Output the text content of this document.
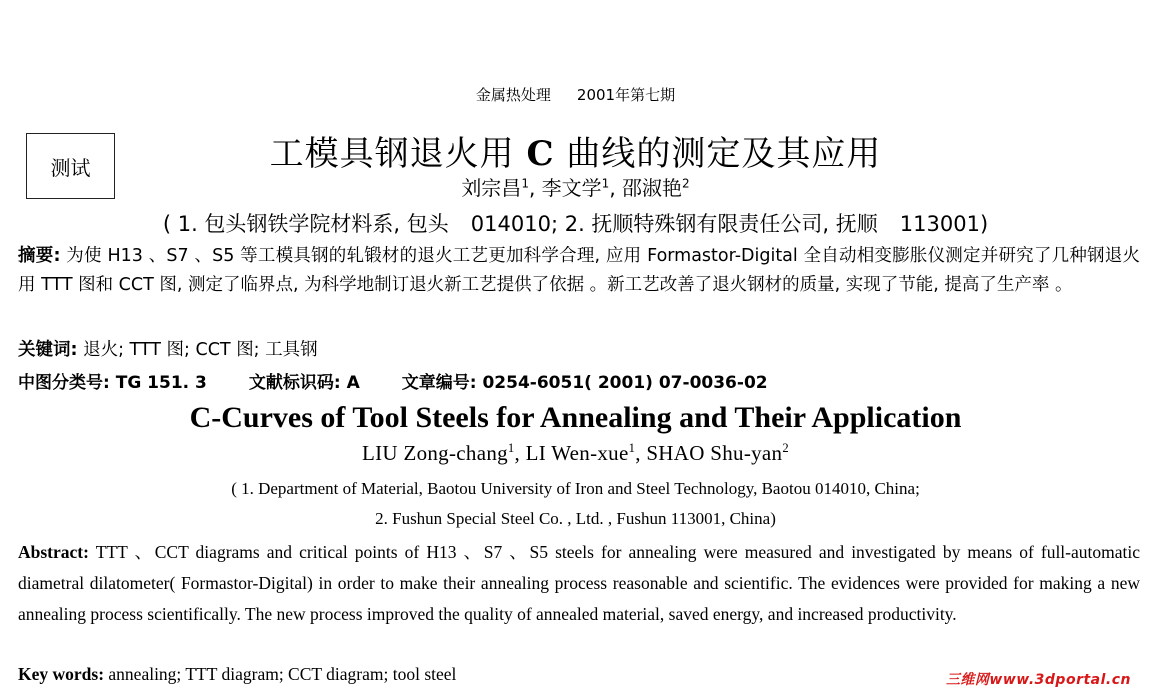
金属热处理 2001年第七期
测试	工模具钢退火用 C 曲线的测定及其应用
刘宗昌$^1$, 李文学$^1$, 邵淑艳$^2$
( 1. 包头钢铁学院材料系, 包头 014010; 2. 抚顺特殊钢有限责任公司, 抚顺 113001)
摘要: 为使 H13 、S7 、S5 等工模具钢的轧锻材的退火工艺更加科学合理, 应用 Formastor-Digital 全自动相变膨胀仪测定并研究了几种钢退火用 TTT 图和 CCT 图, 测定了临界点, 为科学地制订退火新工艺提供了依据 。新工艺改善了退火钢材的质量, 实现了节能, 提高了生产率 。
关键词: 退火; TTT 图; CCT 图; 工具钢
中图分类号: TG 151. 3 文献标识码: A 文章编号: 0254-6051( 2001) 07-0036-02
C-Curves of Tool Steels for Annealing and Their Application
LIU Zong-chang$^1$, LI Wen-xue$^1$, SHAO Shu-yan$^2$
( 1. Department of Material, Baotou University of Iron and Steel Technology, Baotou 014010, China;
2. Fushun Special Steel Co. , Ltd. , Fushun 113001, China)
Abstract: TTT 、CCT diagrams and critical points of H13 、S7 、S5 steels for annealing were measured and investigated by means of full-automatic diametral dilatometer( Formastor-Digital) in order to make their annealing process reasonable and scientific. The evidences were provided for making a new annealing process scientifically. The new process improved the quality of annealed material, saved energy, and increased productivity.
Key words: annealing; TTT diagram; CCT diagram; tool steel	三维网www.3dportal.cn
